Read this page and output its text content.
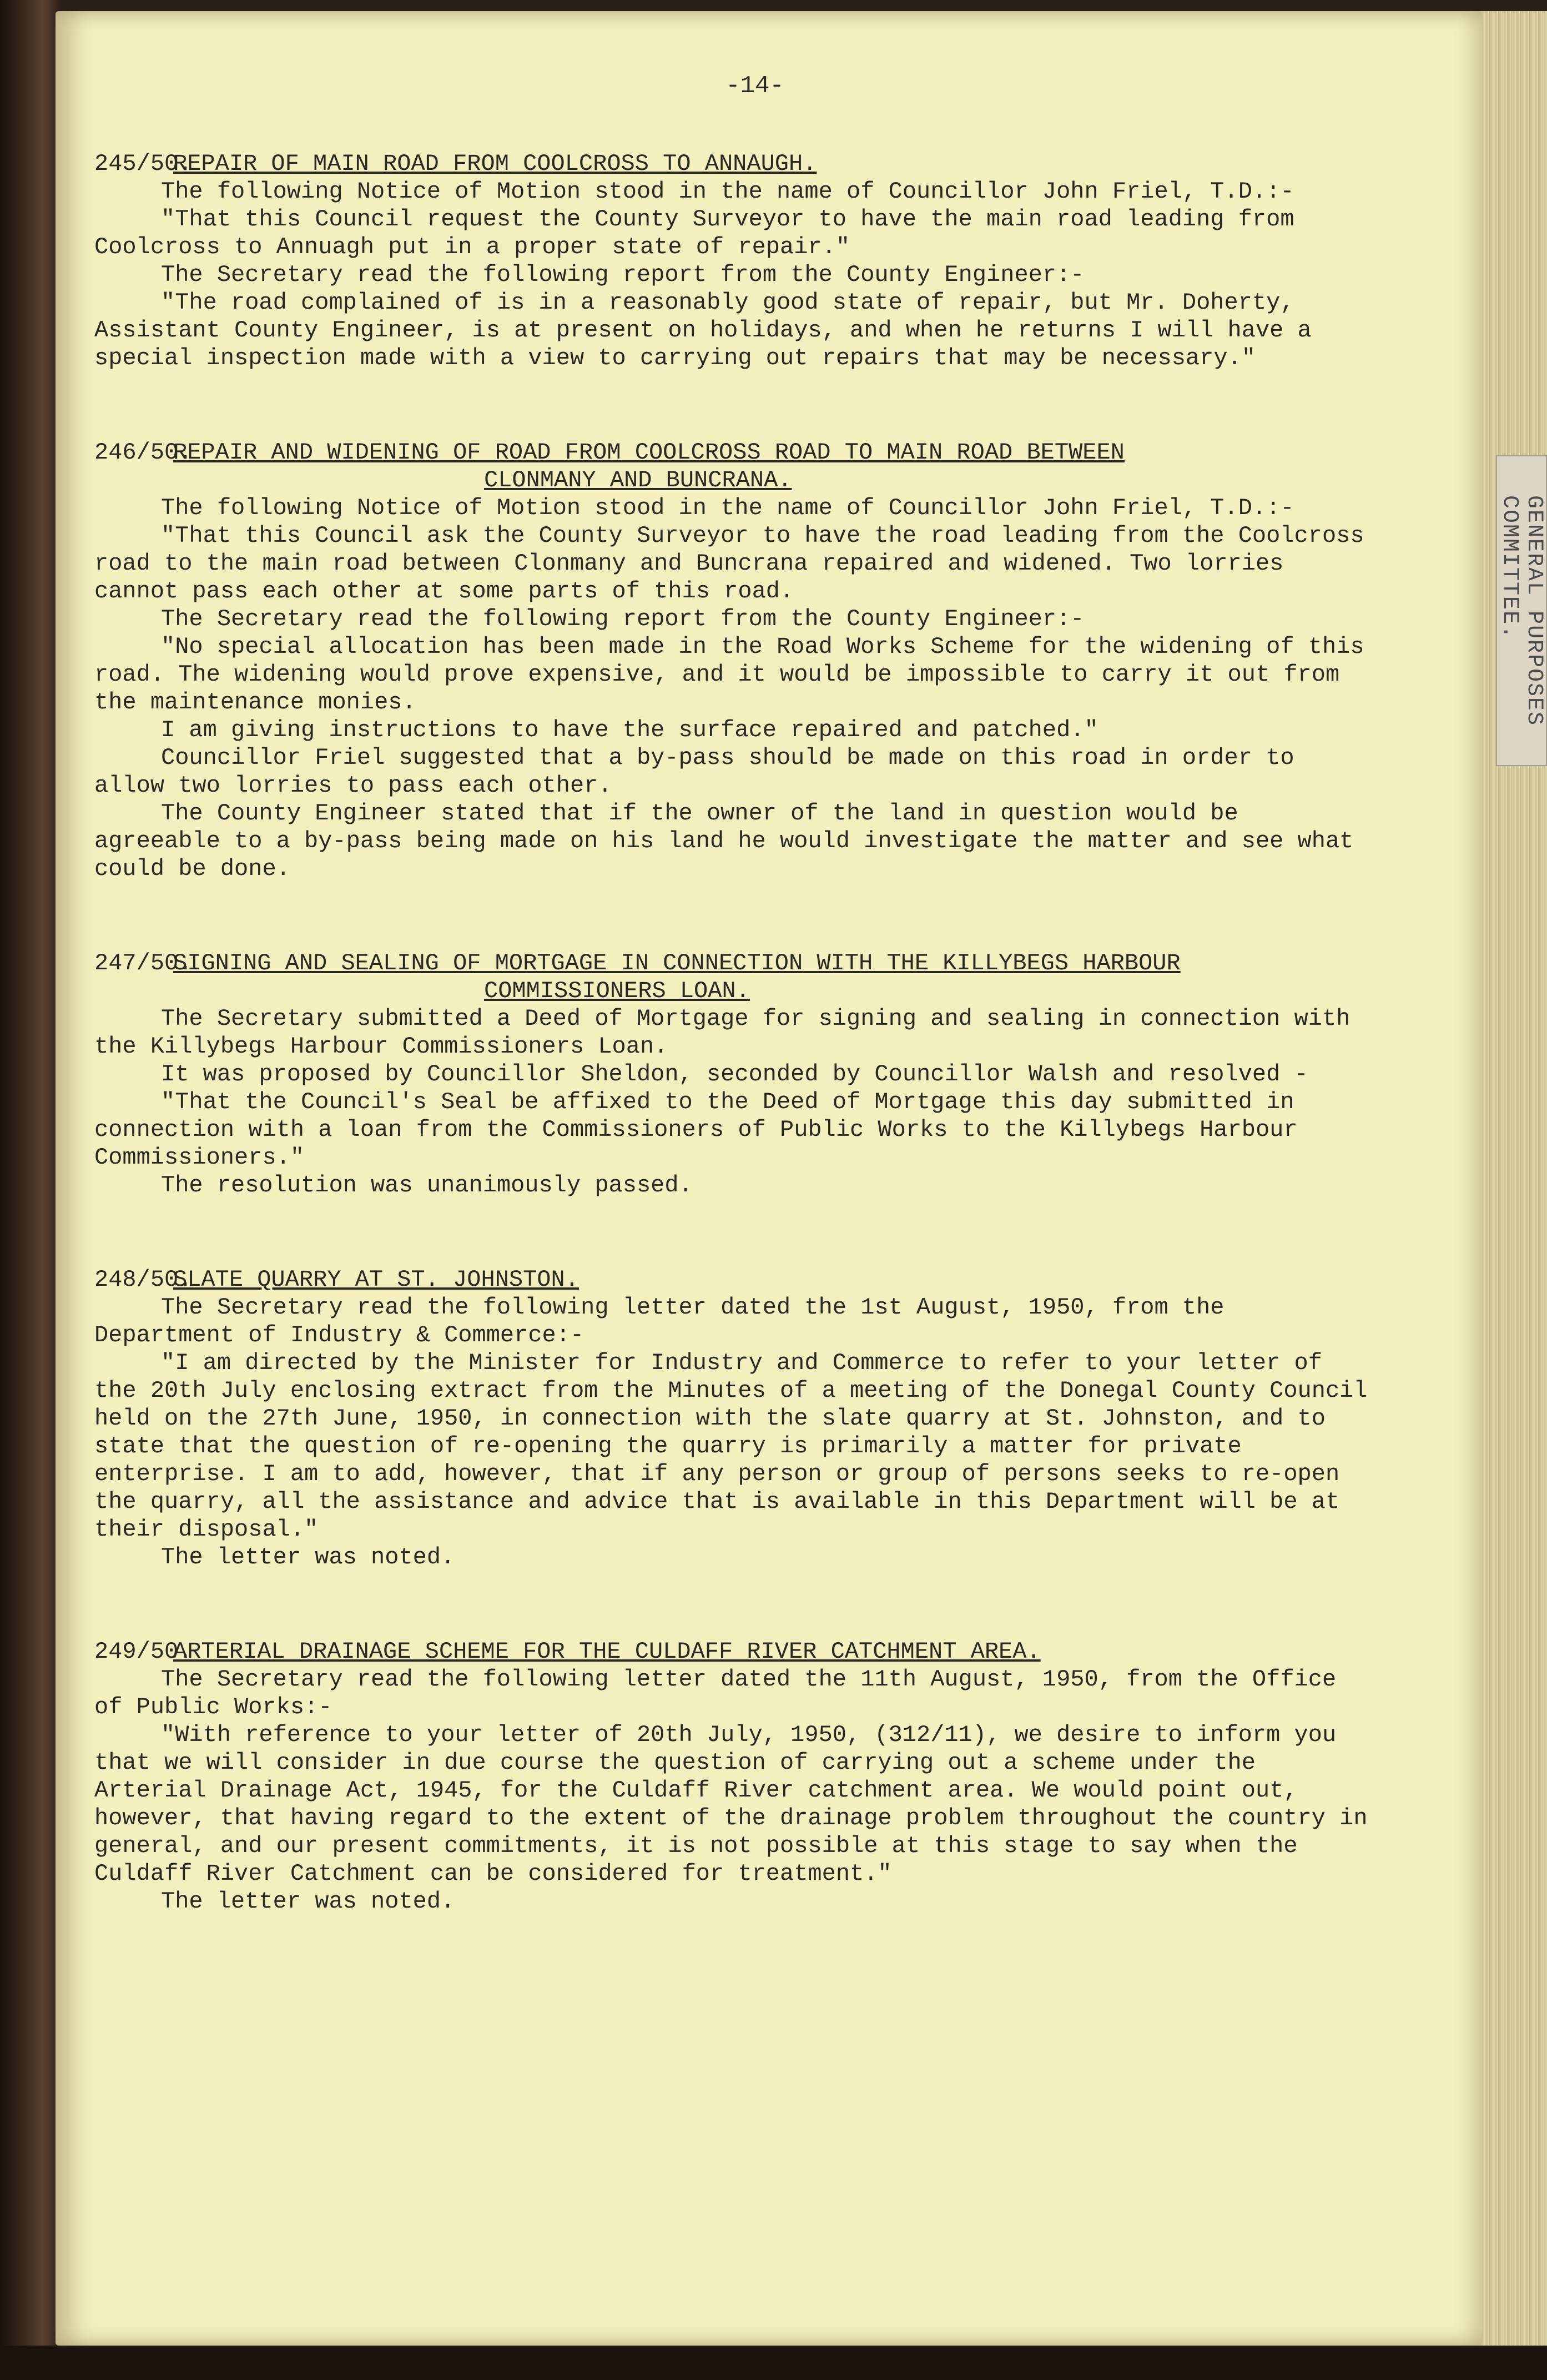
GENERAL PURPOSES
COMMITTEE.
-14-
245/50.
REPAIR OF MAIN ROAD FROM COOLCROSS TO ANNAUGH.

The following Notice of Motion stood in the name of Councillor John Friel, T.D.:-

"That this Council request the County Surveyor to have the main road leading from Coolcross to Annuagh put in a proper state of repair."

The Secretary read the following report from the County Engineer:-

"The road complained of is in a reasonably good state of repair, but Mr. Doherty, Assistant County Engineer, is at present on holidays, and when he returns I will have a special inspection made with a view to carrying out repairs that may be necessary."

246/50.
REPAIR AND WIDENING OF ROAD FROM COOLCROSS ROAD TO MAIN ROAD BETWEEN
CLONMANY AND BUNCRANA.

The following Notice of Motion stood in the name of Councillor John Friel, T.D.:-

"That this Council ask the County Surveyor to have the road leading from the Coolcross road to the main road between Clonmany and Buncrana repaired and widened. Two lorries cannot pass each other at some parts of this road.

The Secretary read the following report from the County Engineer:-

"No special allocation has been made in the Road Works Scheme for the widening of this road. The widening would prove expensive, and it would be impossible to carry it out from the maintenance monies.

I am giving instructions to have the surface repaired and patched."

Councillor Friel suggested that a by-pass should be made on this road in order to allow two lorries to pass each other.

The County Engineer stated that if the owner of the land in question would be agreeable to a by-pass being made on his land he would investigate the matter and see what could be done.

247/50.
SIGNING AND SEALING OF MORTGAGE IN CONNECTION WITH THE KILLYBEGS HARBOUR
COMMISSIONERS LOAN.

The Secretary submitted a Deed of Mortgage for signing and sealing in connection with the Killybegs Harbour Commissioners Loan.

It was proposed by Councillor Sheldon, seconded by Councillor Walsh and resolved -

"That the Council's Seal be affixed to the Deed of Mortgage this day submitted in connection with a loan from the Commissioners of Public Works to the Killybegs Harbour Commissioners."

The resolution was unanimously passed.

248/50.
SLATE QUARRY AT ST. JOHNSTON.

The Secretary read the following letter dated the 1st August, 1950, from the Department of Industry & Commerce:-

"I am directed by the Minister for Industry and Commerce to refer to your letter of the 20th July enclosing extract from the Minutes of a meeting of the Donegal County Council held on the 27th June, 1950, in connection with the slate quarry at St. Johnston, and to state that the question of re-opening the quarry is primarily a matter for private enterprise. I am to add, however, that if any person or group of persons seeks to re-open the quarry, all the assistance and advice that is available in this Department will be at their disposal."

The letter was noted.

249/50.
ARTERIAL DRAINAGE SCHEME FOR THE CULDAFF RIVER CATCHMENT AREA.

The Secretary read the following letter dated the 11th August, 1950, from the Office of Public Works:-

"With reference to your letter of 20th July, 1950, (312/11), we desire to inform you that we will consider in due course the question of carrying out a scheme under the Arterial Drainage Act, 1945, for the Culdaff River catchment area. We would point out, however, that having regard to the extent of the drainage problem throughout the country in general, and our present commitments, it is not possible at this stage to say when the Culdaff River Catchment can be considered for treatment."

The letter was noted.
